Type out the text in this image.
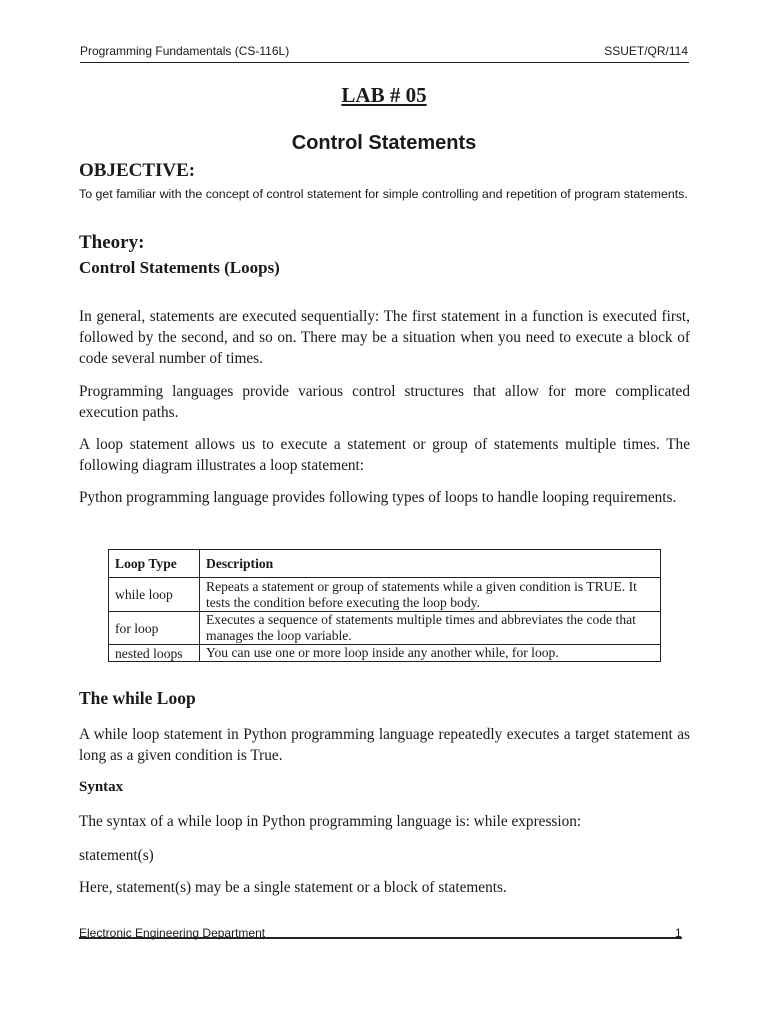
Programming Fundamentals (CS-116L)	SSUET/QR/114
LAB # 05
Control Statements
OBJECTIVE:
To get familiar with the concept of control statement for simple controlling and repetition of program statements.
Theory:
Control Statements (Loops)
In general, statements are executed sequentially: The first statement in a function is executed first, followed by the second, and so on. There may be a situation when you need to execute a block of code several number of times.
Programming languages provide various control structures that allow for more complicated execution paths.
A loop statement allows us to execute a statement or group of statements multiple times. The following diagram illustrates a loop statement:
Python programming language provides following types of loops to handle looping requirements.
Loop Type	Description
while loop	Repeats a statement or group of statements while a given condition is TRUE. It tests the condition before executing the loop body.
for loop	Executes a sequence of statements multiple times and abbreviates the code that manages the loop variable.
nested loops	You can use one or more loop inside any another while, for loop.
The while Loop
A while loop statement in Python programming language repeatedly executes a target statement as long as a given condition is True.
Syntax
The syntax of a while loop in Python programming language is: while expression:
statement(s)
Here, statement(s) may be a single statement or a block of statements.
Electronic Engineering Department	1
